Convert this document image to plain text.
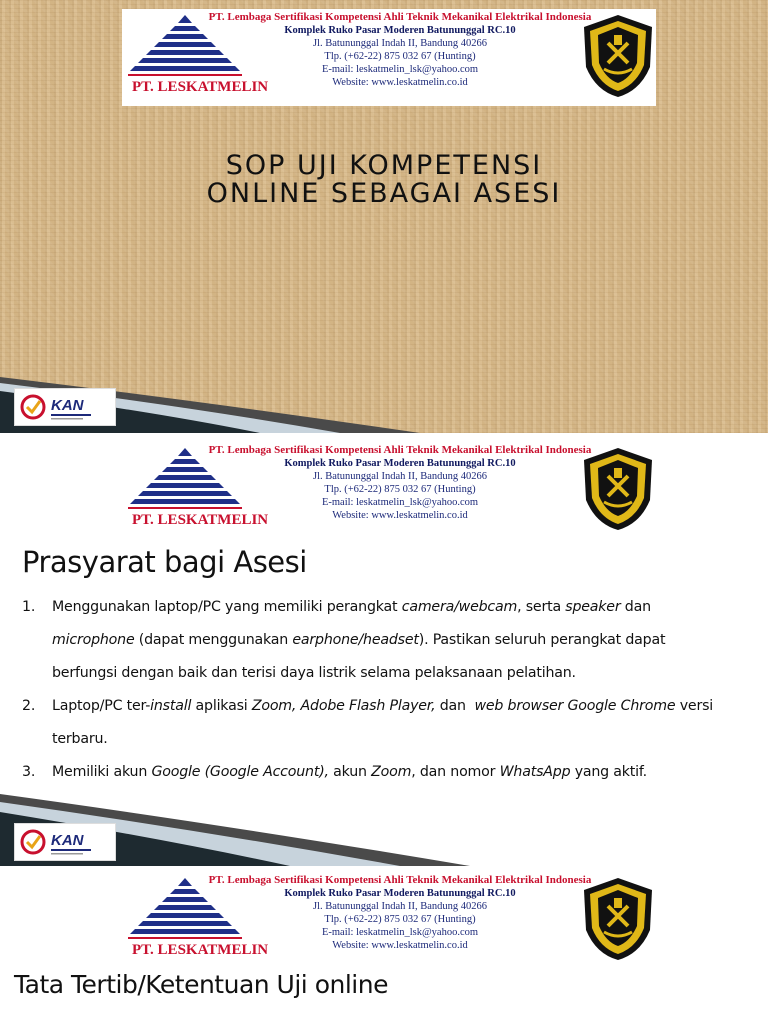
PT. LESKATMELIN
PT. Lembaga Sertifikasi Kompetensi Ahli Teknik Mekanikal Elektrikal Indonesia
Komplek Ruko Pasar Moderen Batununggal RC.10
Jl. Batununggal Indah II, Bandung 40266
Tlp. (+62-22) 875 032 67 (Hunting)
E-mail: leskatmelin_lsk@yahoo.com
Website: www.leskatmelin.co.id
SOP UJI KOMPETENSI
ONLINE SEBAGAI ASESI
KAN
PT. LESKATMELIN
PT. Lembaga Sertifikasi Kompetensi Ahli Teknik Mekanikal Elektrikal Indonesia
Komplek Ruko Pasar Moderen Batununggal RC.10
Jl. Batununggal Indah II, Bandung 40266
Tlp. (+62-22) 875 032 67 (Hunting)
E-mail: leskatmelin_lsk@yahoo.com
Website: www.leskatmelin.co.id
Prasyarat bagi Asesi
1. Menggunakan laptop/PC yang memiliki perangkat camera/webcam, serta speaker dan microphone (dapat menggunakan earphone/headset). Pastikan seluruh perangkat dapat berfungsi dengan baik dan terisi daya listrik selama pelaksanaan pelatihan.
2. Laptop/PC ter-install aplikasi Zoom, Adobe Flash Player, dan  web browser Google Chrome versi terbaru.
3. Memiliki akun Google (Google Account), akun Zoom, dan nomor WhatsApp yang aktif.
KAN
PT. LESKATMELIN
PT. Lembaga Sertifikasi Kompetensi Ahli Teknik Mekanikal Elektrikal Indonesia
Komplek Ruko Pasar Moderen Batununggal RC.10
Jl. Batununggal Indah II, Bandung 40266
Tlp. (+62-22) 875 032 67 (Hunting)
E-mail: leskatmelin_lsk@yahoo.com
Website: www.leskatmelin.co.id
Tata Tertib/Ketentuan Uji online
